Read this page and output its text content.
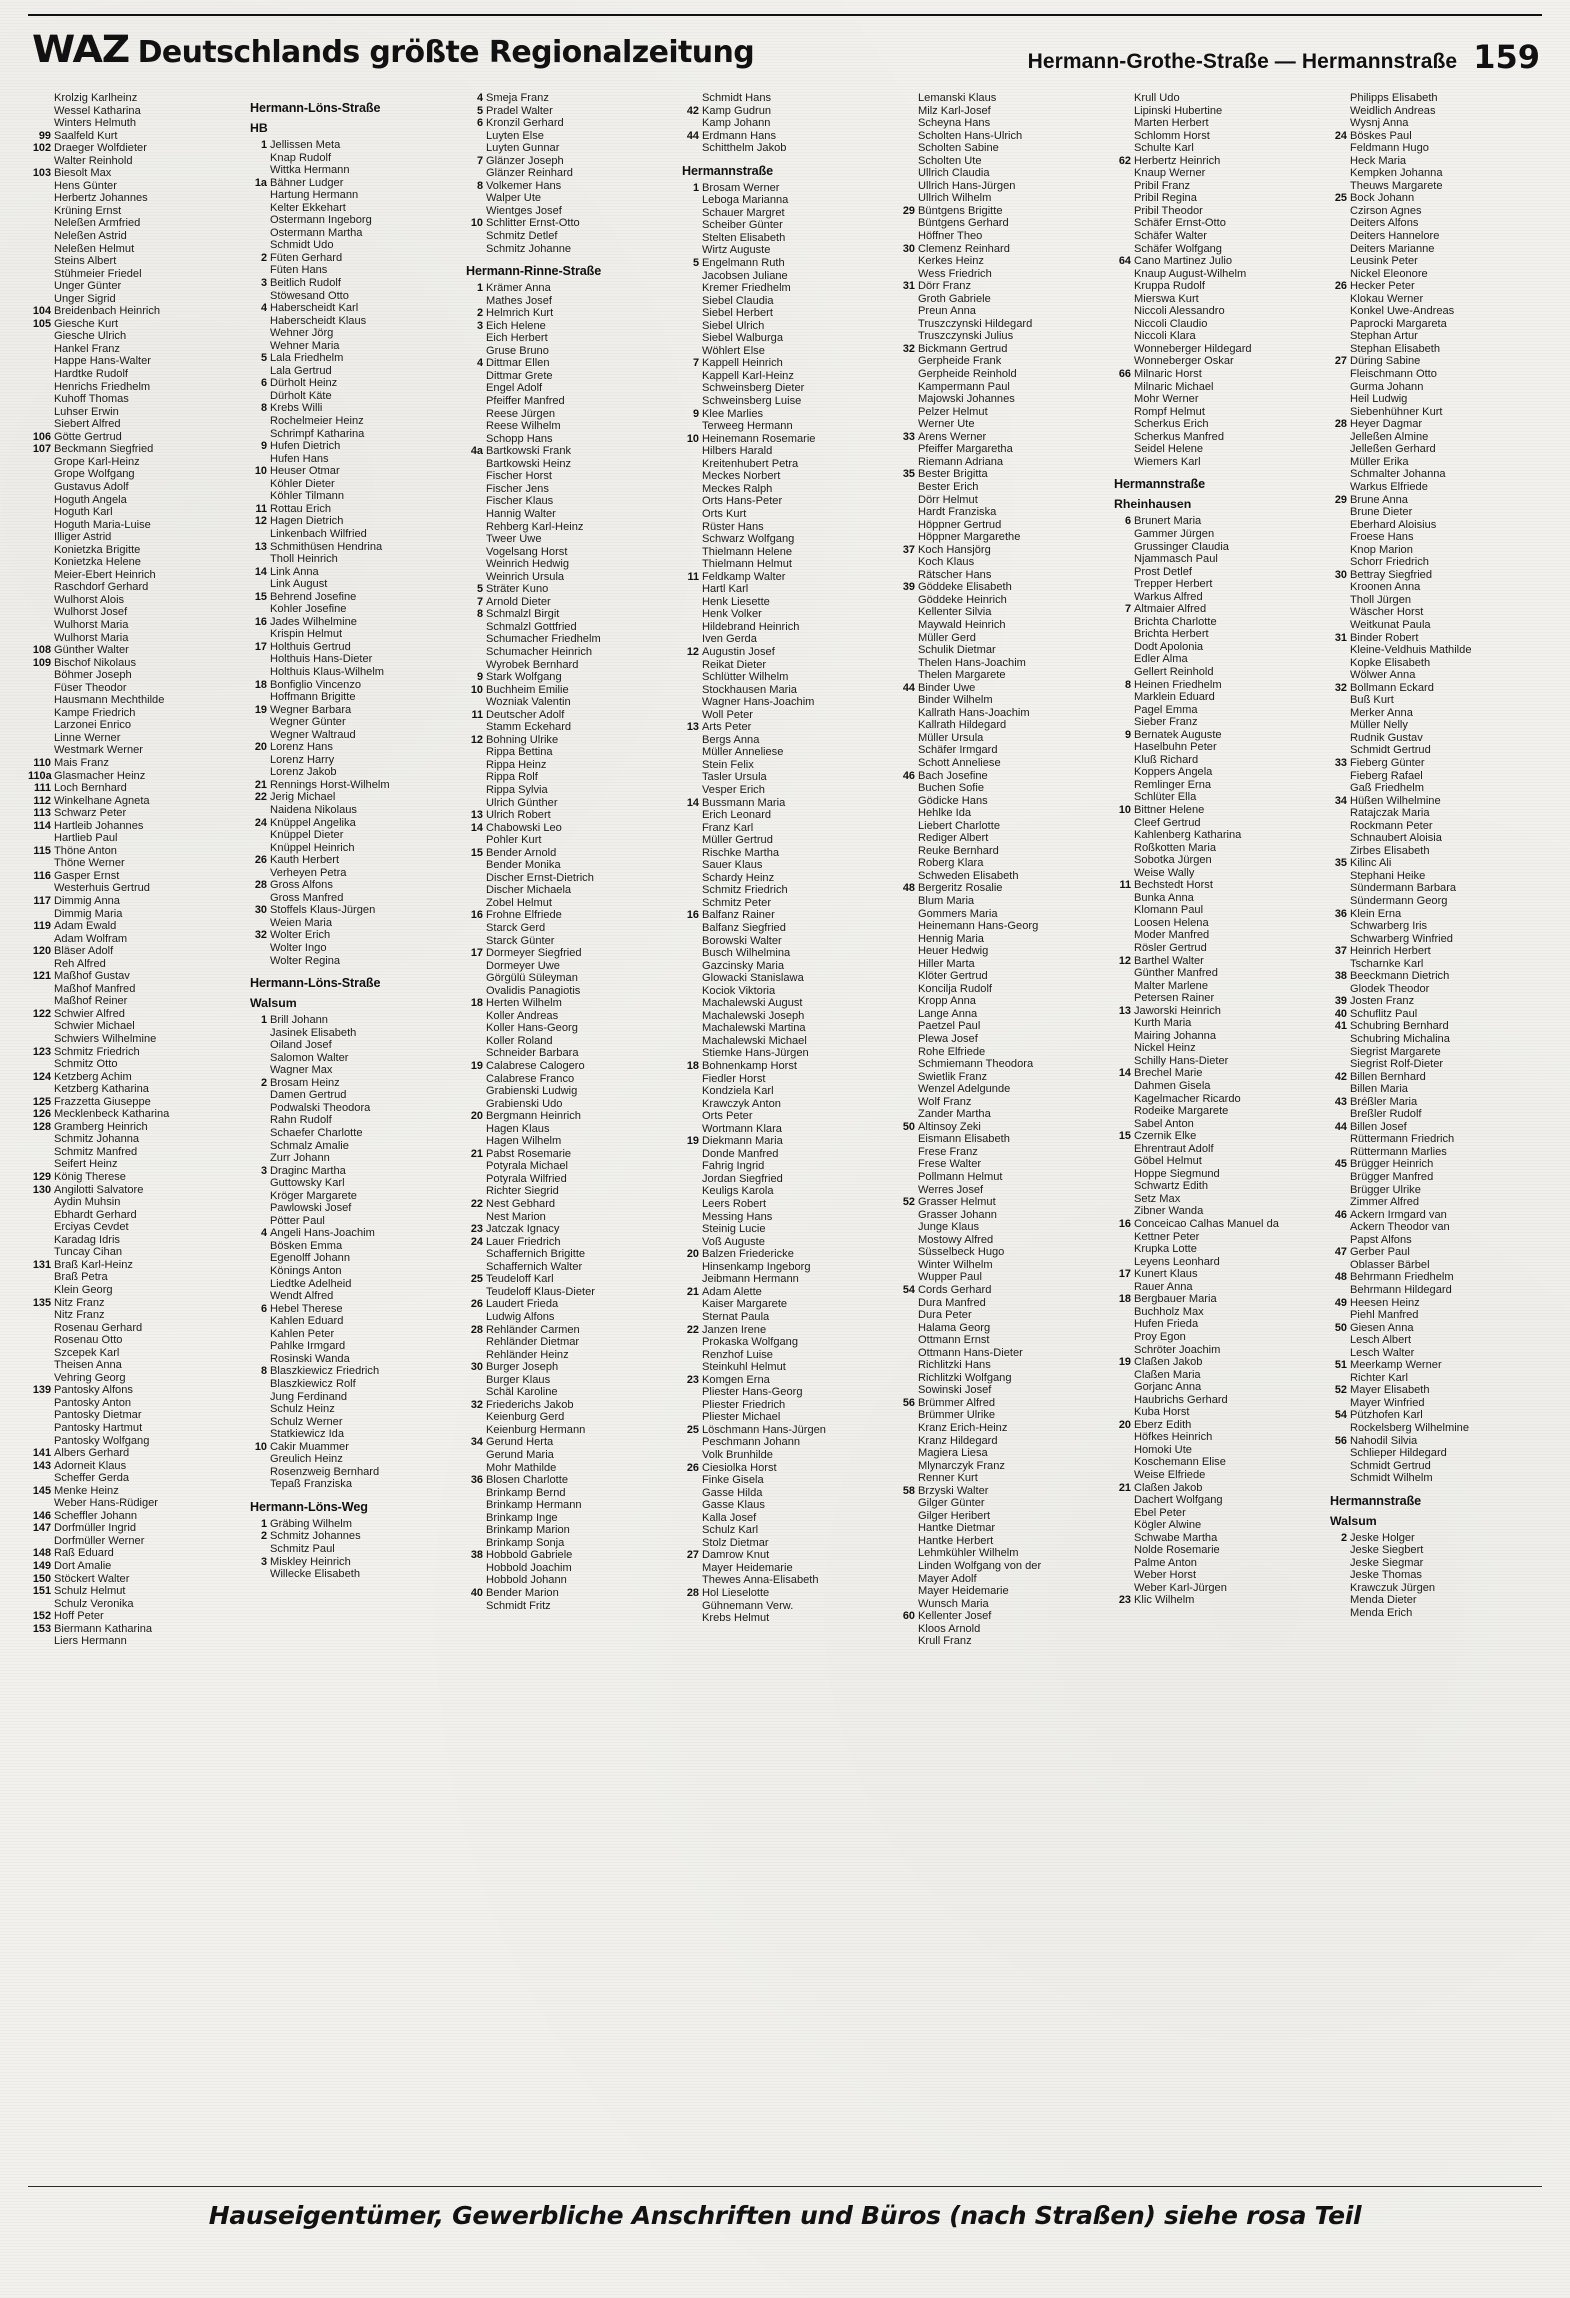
WAZ Deutschlands größte Regionalzeitung	Hermann-Grothe-Straße — Hermannstraße 159
Krolzig Karlheinz
Wessel Katharina
Winters Helmuth
99 Saalfeld Kurt
102 Draeger Wolfdieter
Walter Reinhold
103 Biesolt Max
Hens Günter
Herbertz Johannes
Krüning Ernst
Neleßen Armfried
Neleßen Astrid
Neleßen Helmut
Steins Albert
Stühmeier Friedel
Unger Günter
Unger Sigrid
104 Breidenbach Heinrich
105 Giesche Kurt
Giesche Ulrich
Hankel Franz
Happe Hans-Walter
Hardtke Rudolf
Henrichs Friedhelm
Kuhoff Thomas
Luhser Erwin
Siebert Alfred
106 Götte Gertrud
107 Beckmann Siegfried
Grope Karl-Heinz
Grope Wolfgang
Gustavus Adolf
Hoguth Angela
Hoguth Karl
Hoguth Maria-Luise
Illiger Astrid
Konietzka Brigitte
Konietzka Helene
Meier-Ebert Heinrich
Raschdorf Gerhard
Wulhorst Alois
Wulhorst Josef
Wulhorst Maria
Wulhorst Maria
108 Günther Walter
109 Bischof Nikolaus
Böhmer Joseph
Füser Theodor
Hausmann Mechthilde
Kampe Friedrich
Larzonei Enrico
Linne Werner
Westmark Werner
110 Mais Franz
110a Glasmacher Heinz
111 Loch Bernhard
112 Winkelhane Agneta
113 Schwarz Peter
114 Hartleib Johannes
Hartlieb Paul
115 Thöne Anton
Thöne Werner
116 Gasper Ernst
Westerhuis Gertrud
117 Dimmig Anna
Dimmig Maria
119 Adam Ewald
Adam Wolfram
120 Bläser Adolf
Reh Alfred
121 Maßhof Gustav
Maßhof Manfred
Maßhof Reiner
122 Schwier Alfred
Schwier Michael
Schwiers Wilhelmine
123 Schmitz Friedrich
Schmitz Otto
124 Ketzberg Achim
Ketzberg Katharina
125 Frazzetta Giuseppe
126 Mecklenbeck Katharina
128 Gramberg Heinrich
Schmitz Johanna
Schmitz Manfred
Seifert Heinz
129 König Therese
130 Angilotti Salvatore
Aydin Muhsin
Ebhardt Gerhard
Erciyas Cevdet
Karadag Idris
Tuncay Cihan
131 Braß Karl-Heinz
Braß Petra
Klein Georg
135 Nitz Franz
Nitz Franz
Rosenau Gerhard
Rosenau Otto
Szcepek Karl
Theisen Anna
Vehring Georg
139 Pantosky Alfons
Pantosky Anton
Pantosky Dietmar
Pantosky Hartmut
Pantosky Wolfgang
141 Albers Gerhard
143 Adorneit Klaus
Scheffer Gerda
145 Menke Heinz
Weber Hans-Rüdiger
146 Scheffler Johann
147 Dorfmüller Ingrid
Dorfmüller Werner
148 Raß Eduard
149 Dort Amalie
150 Stöckert Walter
151 Schulz Helmut
Schulz Veronika
152 Hoff Peter
153 Biermann Katharina
Liers Hermann
Hermann-Löns-Straße
HB
1 Jellissen Meta
Knap Rudolf
Wittka Hermann
1a Bähner Ludger
Hartung Hermann
Kelter Ekkehart
Ostermann Ingeborg
Ostermann Martha
Schmidt Udo
2 Füten Gerhard
Füten Hans
3 Beitlich Rudolf
Stöwesand Otto
4 Haberscheidt Karl
Haberscheidt Klaus
Wehner Jörg
Wehner Maria
5 Lala Friedhelm
Lala Gertrud
6 Dürholt Heinz
Dürholt Käte
8 Krebs Willi
Rochelmeier Heinz
Schrimpf Katharina
9 Hufen Dietrich
Hufen Hans
10 Heuser Otmar
Köhler Dieter
Köhler Tilmann
11 Rottau Erich
12 Hagen Dietrich
Linkenbach Wilfried
13 Schmithüsen Hendrina
Tholl Heinrich
14 Link Anna
Link August
15 Behrend Josefine
Kohler Josefine
16 Jades Wilhelmine
Krispin Helmut
17 Holthuis Gertrud
Holthuis Hans-Dieter
Holthuis Klaus-Wilhelm
18 Bonfiglio Vincenzo
Hoffmann Brigitte
19 Wegner Barbara
Wegner Günter
Wegner Waltraud
20 Lorenz Hans
Lorenz Harry
Lorenz Jakob
21 Rennings Horst-Wilhelm
22 Jerig Michael
Naidena Nikolaus
24 Knüppel Angelika
Knüppel Dieter
Knüppel Heinrich
26 Kauth Herbert
Verheyen Petra
28 Gross Alfons
Gross Manfred
30 Stoffels Klaus-Jürgen
Weien Maria
32 Wolter Erich
Wolter Ingo
Wolter Regina
Hermann-Löns-Straße
Walsum
1 Brill Johann
Jasinek Elisabeth
Oiland Josef
Salomon Walter
Wagner Max
2 Brosam Heinz
Damen Gertrud
Podwalski Theodora
Rahn Rudolf
Schaefer Charlotte
Schmalz Amalie
Zurr Johann
3 Draginc Martha
Guttowsky Karl
Kröger Margarete
Pawlowski Josef
Pötter Paul
4 Angeli Hans-Joachim
Bösken Emma
Egenolff Johann
Könings Anton
Liedtke Adelheid
Wendt Alfred
6 Hebel Therese
Kahlen Eduard
Kahlen Peter
Pahlke Irmgard
Rosinski Wanda
8 Blaszkiewicz Friedrich
Blaszkiewicz Rolf
Jung Ferdinand
Schulz Heinz
Schulz Werner
Statkiewicz Ida
10 Cakir Muammer
Greulich Heinz
Rosenzweig Bernhard
Tepaß Franziska
Hermann-Löns-Weg
1 Gräbing Wilhelm
2 Schmitz Johannes
Schmitz Paul
3 Miskley Heinrich
Willecke Elisabeth
4 Smeja Franz
5 Pradel Walter
6 Kronzil Gerhard
Luyten Else
Luyten Gunnar
7 Glänzer Joseph
Glänzer Reinhard
8 Volkemer Hans
Walper Ute
Wientges Josef
10 Schlitter Ernst-Otto
Schmitz Detlef
Schmitz Johanne
Hermann-Rinne-Straße
1 Krämer Anna
Mathes Josef
2 Helmrich Kurt
3 Eich Helene
Eich Herbert
Gruse Bruno
4 Dittmar Ellen
Dittmar Grete
Engel Adolf
Pfeiffer Manfred
Reese Jürgen
Reese Wilhelm
Schopp Hans
4a Bartkowski Frank
Bartkowski Heinz
Fischer Horst
Fischer Jens
Fischer Klaus
Hannig Walter
Rehberg Karl-Heinz
Tweer Uwe
Vogelsang Horst
Weinrich Hedwig
Weinrich Ursula
5 Sträter Kuno
7 Arnold Dieter
8 Schmalzl Birgit
Schmalzl Gottfried
Schumacher Friedhelm
Schumacher Heinrich
Wyrobek Bernhard
9 Stark Wolfgang
10 Buchheim Emilie
Wozniak Valentin
11 Deutscher Adolf
Stamm Eckehard
12 Bohning Ulrike
Rippa Bettina
Rippa Heinz
Rippa Rolf
Rippa Sylvia
Ulrich Günther
13 Ulrich Robert
14 Chabowski Leo
Pohler Kurt
15 Bender Arnold
Bender Monika
Discher Ernst-Dietrich
Discher Michaela
Zobel Helmut
16 Frohne Elfriede
Starck Gerd
Starck Günter
17 Dormeyer Siegfried
Dormeyer Uwe
Görgülü Süleyman
Ovalidis Panagiotis
18 Herten Wilhelm
Koller Andreas
Koller Hans-Georg
Koller Roland
Schneider Barbara
19 Calabrese Calogero
Calabrese Franco
Grabienski Ludwig
Grabienski Udo
20 Bergmann Heinrich
Hagen Klaus
Hagen Wilhelm
21 Pabst Rosemarie
Potyrala Michael
Potyrala Wilfried
Richter Siegrid
22 Nest Gebhard
Nest Marion
23 Jatczak Ignacy
24 Lauer Friedrich
Schaffernich Brigitte
Schaffernich Walter
25 Teudeloff Karl
Teudeloff Klaus-Dieter
26 Laudert Frieda
Ludwig Alfons
28 Rehländer Carmen
Rehländer Dietmar
Rehländer Heinz
30 Burger Joseph
Burger Klaus
Schäl Karoline
32 Friederichs Jakob
Keienburg Gerd
Keienburg Hermann
34 Gerund Herta
Gerund Maria
Mohr Mathilde
36 Blosen Charlotte
Brinkamp Bernd
Brinkamp Hermann
Brinkamp Inge
Brinkamp Marion
Brinkamp Sonja
38 Hobbold Gabriele
Hobbold Joachim
Hobbold Johann
40 Bender Marion
Schmidt Fritz
Schmidt Hans
42 Kamp Gudrun
Kamp Johann
44 Erdmann Hans
Schitthelm Jakob
Hermannstraße
1 Brosam Werner
Leboga Marianna
Schauer Margret
Scheiber Günter
Stelten Elisabeth
Wirtz Auguste
5 Engelmann Ruth
Jacobsen Juliane
Kremer Friedhelm
Siebel Claudia
Siebel Herbert
Siebel Ulrich
Siebel Walburga
Wöhlert Else
7 Kappell Heinrich
Kappell Karl-Heinz
Schweinsberg Dieter
Schweinsberg Luise
9 Klee Marlies
Terweeg Hermann
10 Heinemann Rosemarie
Hilbers Harald
Kreitenhubert Petra
Meckes Norbert
Meckes Ralph
Orts Hans-Peter
Orts Kurt
Rüster Hans
Schwarz Wolfgang
Thielmann Helene
Thielmann Helmut
11 Feldkamp Walter
Hartl Karl
Henk Liesette
Henk Volker
Hildebrand Heinrich
Iven Gerda
12 Augustin Josef
Reikat Dieter
Schlütter Wilhelm
Stockhausen Maria
Wagner Hans-Joachim
Woll Peter
13 Arts Peter
Bergs Anna
Müller Anneliese
Stein Felix
Tasler Ursula
Vesper Erich
14 Bussmann Maria
Erich Leonard
Franz Karl
Müller Gertrud
Rischke Martha
Sauer Klaus
Schardy Heinz
Schmitz Friedrich
Schmitz Peter
16 Balfanz Rainer
Balfanz Siegfried
Borowski Walter
Busch Wilhelmina
Gazcinsky Maria
Glowacki Stanislawa
Kociok Viktoria
Machalewski August
Machalewski Joseph
Machalewski Martina
Machalewski Michael
Stiemke Hans-Jürgen
18 Bohnenkamp Horst
Fiedler Horst
Kondziela Karl
Krawczyk Anton
Orts Peter
Wortmann Klara
19 Diekmann Maria
Donde Manfred
Fahrig Ingrid
Jordan Siegfried
Keuligs Karola
Leers Robert
Messing Hans
Steinig Lucie
Voß Auguste
20 Balzen Friedericke
Hinsenkamp Ingeborg
Jeibmann Hermann
21 Adam Alette
Kaiser Margarete
Sternat Paula
22 Janzen Irene
Prokaska Wolfgang
Renzhof Luise
Steinkuhl Helmut
23 Komgen Erna
Pliester Hans-Georg
Pliester Friedrich
Pliester Michael
25 Löschmann Hans-Jürgen
Peschmann Johann
Volk Brunhilde
26 Ciesiolka Horst
Finke Gisela
Gasse Hilda
Gasse Klaus
Kalla Josef
Schulz Karl
Stolz Dietmar
27 Damrow Knut
Mayer Heidemarie
Thewes Anna-Elisabeth
28 Hol Lieselotte
Gühnemann Verw.
Krebs Helmut
Lemanski Klaus
Milz Karl-Josef
Scheyna Hans
Scholten Hans-Ulrich
Scholten Sabine
Scholten Ute
Ullrich Claudia
Ullrich Hans-Jürgen
Ullrich Wilhelm
29 Büntgens Brigitte
Büntgens Gerhard
Höffner Theo
30 Clemenz Reinhard
Kerkes Heinz
Wess Friedrich
31 Dörr Franz
Groth Gabriele
Preun Anna
Truszczynski Hildegard
Truszczynski Julius
32 Bickmann Gertrud
Gerpheide Frank
Gerpheide Reinhold
Kampermann Paul
Majowski Johannes
Pelzer Helmut
Werner Ute
33 Arens Werner
Pfeiffer Margaretha
Riemann Adriana
35 Bester Brigitta
Bester Erich
Dörr Helmut
Hardt Franziska
Höppner Gertrud
Höppner Margarethe
37 Koch Hansjörg
Koch Klaus
Rätscher Hans
39 Göddeke Elisabeth
Göddeke Heinrich
Kellenter Silvia
Maywald Heinrich
Müller Gerd
Schulik Dietmar
Thelen Hans-Joachim
Thelen Margarete
44 Binder Uwe
Binder Wilhelm
Kallrath Hans-Joachim
Kallrath Hildegard
Müller Ursula
Schäfer Irmgard
Schott Anneliese
46 Bach Josefine
Buchen Sofie
Gödicke Hans
Hehlke Ida
Liebert Charlotte
Rediger Albert
Reuke Bernhard
Roberg Klara
Schweden Elisabeth
48 Bergeritz Rosalie
Blum Maria
Gommers Maria
Heinemann Hans-Georg
Hennig Maria
Heuer Hedwig
Hiller Marta
Klöter Gertrud
Koncilja Rudolf
Kropp Anna
Lange Anna
Paetzel Paul
Plewa Josef
Rohe Elfriede
Schmiemann Theodora
Swietlik Franz
Wenzel Adelgunde
Wolf Franz
Zander Martha
50 Altinsoy Zeki
Eismann Elisabeth
Frese Franz
Frese Walter
Pollmann Helmut
Werres Josef
52 Grasser Helmut
Grasser Johann
Junge Klaus
Mostowy Alfred
Süsselbeck Hugo
Winter Wilhelm
Wupper Paul
54 Cords Gerhard
Dura Manfred
Dura Peter
Halama Georg
Ottmann Ernst
Ottmann Hans-Dieter
Richlitzki Hans
Richlitzki Wolfgang
Sowinski Josef
56 Brümmer Alfred
Brümmer Ulrike
Kranz Erich-Heinz
Kranz Hildegard
Magiera Liesa
Mlynarczyk Franz
Renner Kurt
58 Brzyski Walter
Gilger Günter
Gilger Heribert
Hantke Dietmar
Hantke Herbert
Lehmkühler Wilhelm
Linden Wolfgang von der
Mayer Adolf
Mayer Heidemarie
Wunsch Maria
60 Kellenter Josef
Kloos Arnold
Krull Franz
Krull Udo
Lipinski Hubertine
Marten Herbert
Schlomm Horst
Schulte Karl
62 Herbertz Heinrich
Knaup Werner
Pribil Franz
Pribil Regina
Pribil Theodor
Schäfer Ernst-Otto
Schäfer Walter
Schäfer Wolfgang
64 Cano Martinez Julio
Knaup August-Wilhelm
Kruppa Rudolf
Mierswa Kurt
Niccoli Alessandro
Niccoli Claudio
Niccoli Klara
Wonneberger Hildegard
Wonneberger Oskar
66 Milnaric Horst
Milnaric Michael
Mohr Werner
Rompf Helmut
Scherkus Erich
Scherkus Manfred
Seidel Helene
Wiemers Karl
Hermannstraße
Rheinhausen
6 Brunert Maria
Gammer Jürgen
Grussinger Claudia
Njammasch Paul
Prost Detlef
Trepper Herbert
Warkus Alfred
7 Altmaier Alfred
Brichta Charlotte
Brichta Herbert
Dodt Apolonia
Edler Alma
Gellert Reinhold
8 Heinen Friedhelm
Marklein Eduard
Pagel Emma
Sieber Franz
9 Bernatek Auguste
Haselbuhn Peter
Kluß Richard
Koppers Angela
Remlinger Erna
Schlüter Ella
10 Bittner Helene
Cleef Gertrud
Kahlenberg Katharina
Roßkotten Maria
Sobotka Jürgen
Weise Wally
11 Bechstedt Horst
Bunka Anna
Klomann Paul
Loosen Helena
Moder Manfred
Rösler Gertrud
12 Barthel Walter
Günther Manfred
Malter Marlene
Petersen Rainer
13 Jaworski Heinrich
Kurth Maria
Mairing Johanna
Nickel Heinz
Schilly Hans-Dieter
14 Brechel Marie
Dahmen Gisela
Kagelmacher Ricardo
Rodeike Margarete
Sabel Anton
15 Czernik Elke
Ehrentraut Adolf
Göbel Helmut
Hoppe Siegmund
Schwartz Edith
Setz Max
Zibner Wanda
16 Conceicao Calhas Manuel da
Kettner Peter
Krupka Lotte
Leyens Leonhard
17 Kunert Klaus
Rauer Anna
18 Bergbauer Maria
Buchholz Max
Hufen Frieda
Proy Egon
Schröter Joachim
19 Claßen Jakob
Claßen Maria
Gorjanc Anna
Haubrichs Gerhard
Kuba Horst
20 Eberz Edith
Höfkes Heinrich
Homoki Ute
Koschemann Elise
Weise Elfriede
21 Claßen Jakob
Dachert Wolfgang
Ebel Peter
Kögler Alwine
Schwabe Martha
Nolde Rosemarie
Palme Anton
Weber Horst
Weber Karl-Jürgen
23 Klic Wilhelm
Philipps Elisabeth
Weidlich Andreas
Wysnj Anna
24 Böskes Paul
Feldmann Hugo
Heck Maria
Kempken Johanna
Theuws Margarete
25 Bock Johann
Czirson Agnes
Deiters Alfons
Deiters Hannelore
Deiters Marianne
Leusink Peter
Nickel Eleonore
26 Hecker Peter
Klokau Werner
Konkel Uwe-Andreas
Paprocki Margareta
Stephan Artur
Stephan Elisabeth
27 Düring Sabine
Fleischmann Otto
Gurma Johann
Heil Ludwig
Siebenhühner Kurt
28 Heyer Dagmar
Jelleßen Almine
Jelleßen Gerhard
Müller Erika
Schmalter Johanna
Warkus Elfriede
29 Brune Anna
Brune Dieter
Eberhard Aloisius
Froese Hans
Knop Marion
Schorr Friedrich
30 Bettray Siegfried
Kroonen Anna
Tholl Jürgen
Wäscher Horst
Weitkunat Paula
31 Binder Robert
Kleine-Veldhuis Mathilde
Kopke Elisabeth
Wölwer Anna
32 Bollmann Eckard
Buß Kurt
Merker Anna
Müller Nelly
Rudnik Gustav
Schmidt Gertrud
33 Fieberg Günter
Fieberg Rafael
Gaß Friedhelm
34 Hüßen Wilhelmine
Ratajczak Maria
Rockmann Peter
Schnaubert Aloisia
Zirbes Elisabeth
35 Kilinc Ali
Stephani Heike
Sündermann Barbara
Sündermann Georg
36 Klein Erna
Schwarberg Iris
Schwarberg Winfried
37 Heinrich Herbert
Tscharnke Karl
38 Beeckmann Dietrich
Glodek Theodor
39 Josten Franz
40 Schuflitz Paul
41 Schubring Bernhard
Schubring Michalina
Siegrist Margarete
Siegrist Rolf-Dieter
42 Billen Bernhard
Billen Maria
43 Bréßler Maria
Breßler Rudolf
44 Billen Josef
Rüttermann Friedrich
Rüttermann Marlies
45 Brügger Heinrich
Brügger Manfred
Brügger Ulrike
Zimmer Alfred
46 Ackern Irmgard van
Ackern Theodor van
Papst Alfons
47 Gerber Paul
Oblasser Bärbel
48 Behrmann Friedhelm
Behrmann Hildegard
49 Heesen Heinz
Piehl Manfred
50 Giesen Anna
Lesch Albert
Lesch Walter
51 Meerkamp Werner
Richter Karl
52 Mayer Elisabeth
Mayer Winfried
54 Pützhofen Karl
Rockelsberg Wilhelmine
56 Nahodil Silvia
Schlieper Hildegard
Schmidt Gertrud
Schmidt Wilhelm
Hermannstraße
Walsum
2 Jeske Holger
Jeske Siegbert
Jeske Siegmar
Jeske Thomas
Krawczuk Jürgen
Menda Dieter
Menda Erich
Hauseigentümer, Gewerbliche Anschriften und Büros (nach Straßen) siehe rosa Teil
